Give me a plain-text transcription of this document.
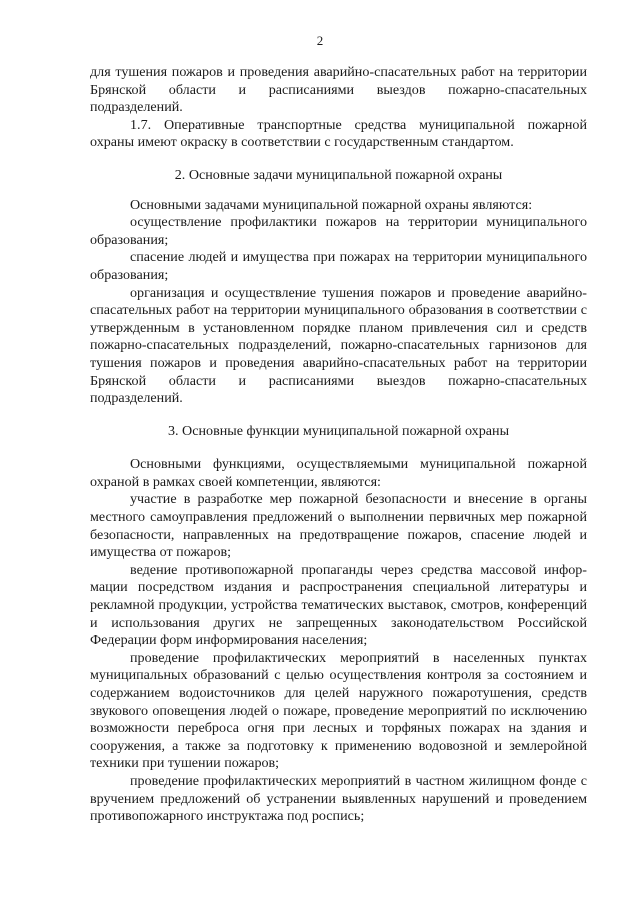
2

для тушения пожаров и проведения аварийно-спасательных работ на территории Брянской области и расписаниями выездов пожарно-спасательных подразделений.

1.7. Оперативные транспортные средства муниципальной пожарной охраны имеют окраску в соответствии с государственным стандартом.

2. Основные задачи муниципальной пожарной охраны

Основными задачами муниципальной пожарной охраны являются:

осуществление профилактики пожаров на территории муниципального образования;

спасение людей и имущества при пожарах на территории муниципального образования;

организация и осуществление тушения пожаров и проведение аварийно-спасательных работ на территории муниципального образования в соответствии с утвержденным в установленном порядке планом привлечения сил и средств пожарно-спасательных подразделений, пожарно-спасательных гарнизонов для тушения пожаров и проведения аварийно-спасательных работ на территории Брянской области и расписаниями выездов пожарно-спасательных подразделений.

3. Основные функции муниципальной пожарной охраны

Основными функциями, осуществляемыми муниципальной пожарной охраной в рамках своей компетенции, являются:

участие в разработке мер пожарной безопасности и внесение в органы местного самоуправления предложений о выполнении первичных мер пожарной безопасности, направленных на предотвращение пожаров, спасение людей и имущества от пожаров;

ведение противопожарной пропаганды через средства массовой информации посредством издания и распространения специальной литературы и рекламной продукции, устройства тематических выставок, смотров, конференций и использования других не запрещенных законодательством Российской Федерации форм информирования населения;

проведение профилактических мероприятий в населенных пунктах муниципальных образований с целью осуществления контроля за состоянием и содержанием водоисточников для целей наружного пожаротушения, средств звукового оповещения людей о пожаре, проведение мероприятий по исключению возможности переброса огня при лесных и торфяных пожарах на здания и сооружения, а также за подготовку к применению водовозной и землеройной техники при тушении пожаров;

проведение профилактических мероприятий в частном жилищном фонде с вручением предложений об устранении выявленных нарушений и проведением противопожарного инструктажа под роспись;
